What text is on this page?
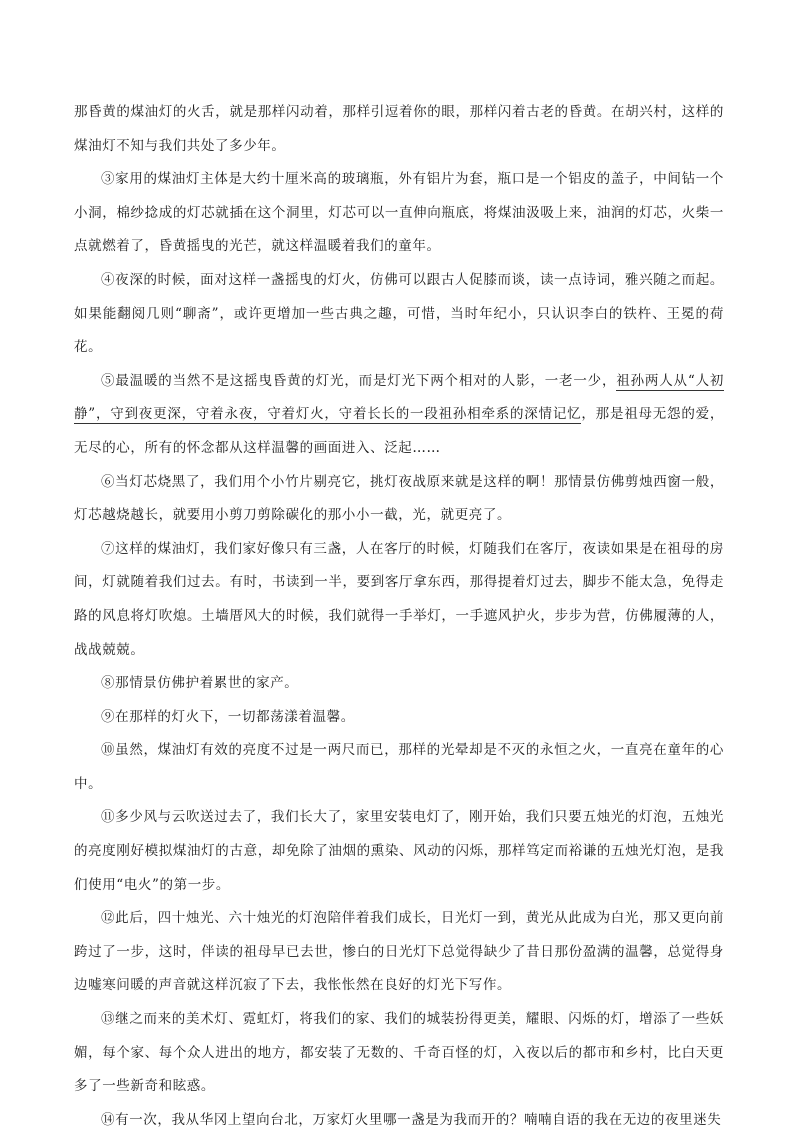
那昏黄的煤油灯的火舌，就是那样闪动着，那样引逗着你的眼，那样闪着古老的昏黄。在胡兴村，这样的煤油灯不知与我们共处了多少年。

③家用的煤油灯主体是大约十厘米高的玻璃瓶，外有铝片为套，瓶口是一个铝皮的盖子，中间钻一个小洞，棉纱捻成的灯芯就插在这个洞里，灯芯可以一直伸向瓶底，将煤油汲吸上来，油润的灯芯，火柴一点就燃着了，昏黄摇曳的光芒，就这样温暖着我们的童年。

④夜深的时候，面对这样一盏摇曳的灯火，仿佛可以跟古人促膝而谈，读一点诗词，雅兴随之而起。如果能翻阅几则“聊斋”，或许更增加一些古典之趣，可惜，当时年纪小，只认识李白的铁杵、王冕的荷花。

⑤最温暖的当然不是这摇曳昏黄的灯光，而是灯光下两个相对的人影，一老一少，祖孙两人从“人初静”，守到夜更深，守着永夜，守着灯火，守着长长的一段祖孙相牵系的深情记忆，那是祖母无怨的爱，无尽的心，所有的怀念都从这样温馨的画面进入、泛起……

⑥当灯芯烧黑了，我们用个小竹片剔亮它，挑灯夜战原来就是这样的啊！那情景仿佛剪烛西窗一般，灯芯越烧越长，就要用小剪刀剪除碳化的那小小一截，光，就更亮了。

⑦这样的煤油灯，我们家好像只有三盏，人在客厅的时候，灯随我们在客厅，夜读如果是在祖母的房间，灯就随着我们过去。有时，书读到一半，要到客厅拿东西，那得提着灯过去，脚步不能太急，免得走路的风息将灯吹熄。土墙厝风大的时候，我们就得一手举灯，一手遮风护火，步步为营，仿佛履薄的人，战战兢兢。

⑧那情景仿佛护着累世的家产。

⑨在那样的灯火下，一切都荡漾着温馨。

⑩虽然，煤油灯有效的亮度不过是一两尺而已，那样的光晕却是不灭的永恒之火，一直亮在童年的心中。

⑪多少风与云吹送过去了，我们长大了，家里安装电灯了，刚开始，我们只要五烛光的灯泡，五烛光的亮度刚好模拟煤油灯的古意，却免除了油烟的熏染、风动的闪烁，那样笃定而裕谦的五烛光灯泡，是我们使用“电火”的第一步。

⑫此后，四十烛光、六十烛光的灯泡陪伴着我们成长，日光灯一到，黄光从此成为白光，那又更向前跨过了一步，这时，伴读的祖母早已去世，惨白的日光灯下总觉得缺少了昔日那份盈满的温馨，总觉得身边嘘寒问暖的声音就这样沉寂了下去，我怅怅然在良好的灯光下写作。

⑬继之而来的美术灯、霓虹灯，将我们的家、我们的城装扮得更美，耀眼、闪烁的灯，增添了一些妖媚，每个家、每个众人进出的地方，都安装了无数的、千奇百怪的灯，入夜以后的都市和乡村，比白天更多了一些新奇和眩惑。

⑭有一次，我从华冈上望向台北，万家灯火里哪一盏是为我而开的？喃喃自语的我在无边的夜里迷失
